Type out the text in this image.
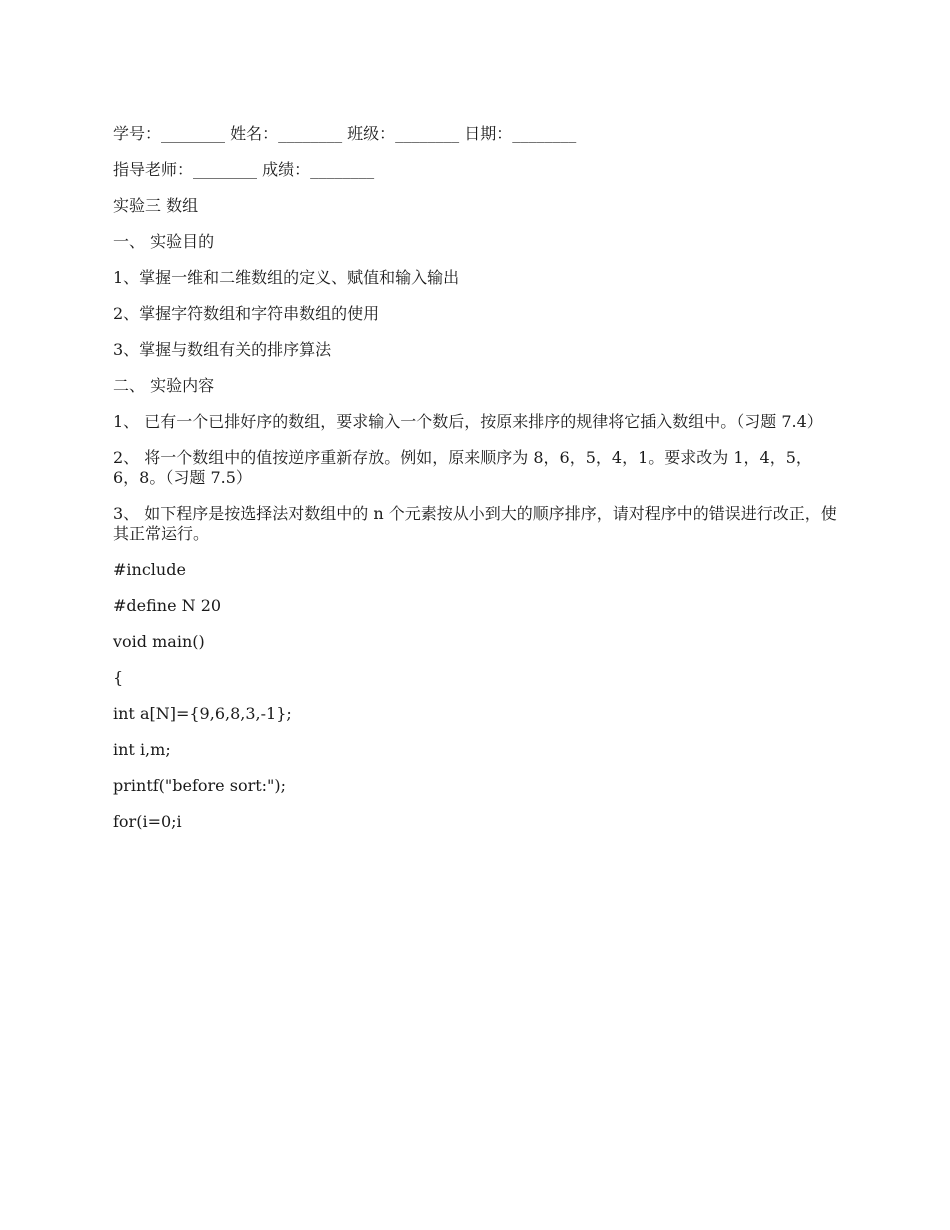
学号：________ 姓名：________ 班级：________ 日期：________

指导老师：________ 成绩：________

实验三 数组

一、 实验目的

1、掌握一维和二维数组的定义、赋值和输入输出

2、掌握字符数组和字符串数组的使用

3、掌握与数组有关的排序算法

二、 实验内容

1、 已有一个已排好序的数组，要求输入一个数后，按原来排序的规律将它插入数组中。（习题 7.4）

2、 将一个数组中的值按逆序重新存放。例如，原来顺序为 8，6，5，4，1。要求改为 1，4，5，6，8。（习题 7.5）

3、 如下程序是按选择法对数组中的 n 个元素按从小到大的顺序排序，请对程序中的错误进行改正，使其正常运行。

#include

#define N 20

void main()

{

int a[N]={9,6,8,3,-1};

int i,m;

printf("before sort:");

for(i=0;i
